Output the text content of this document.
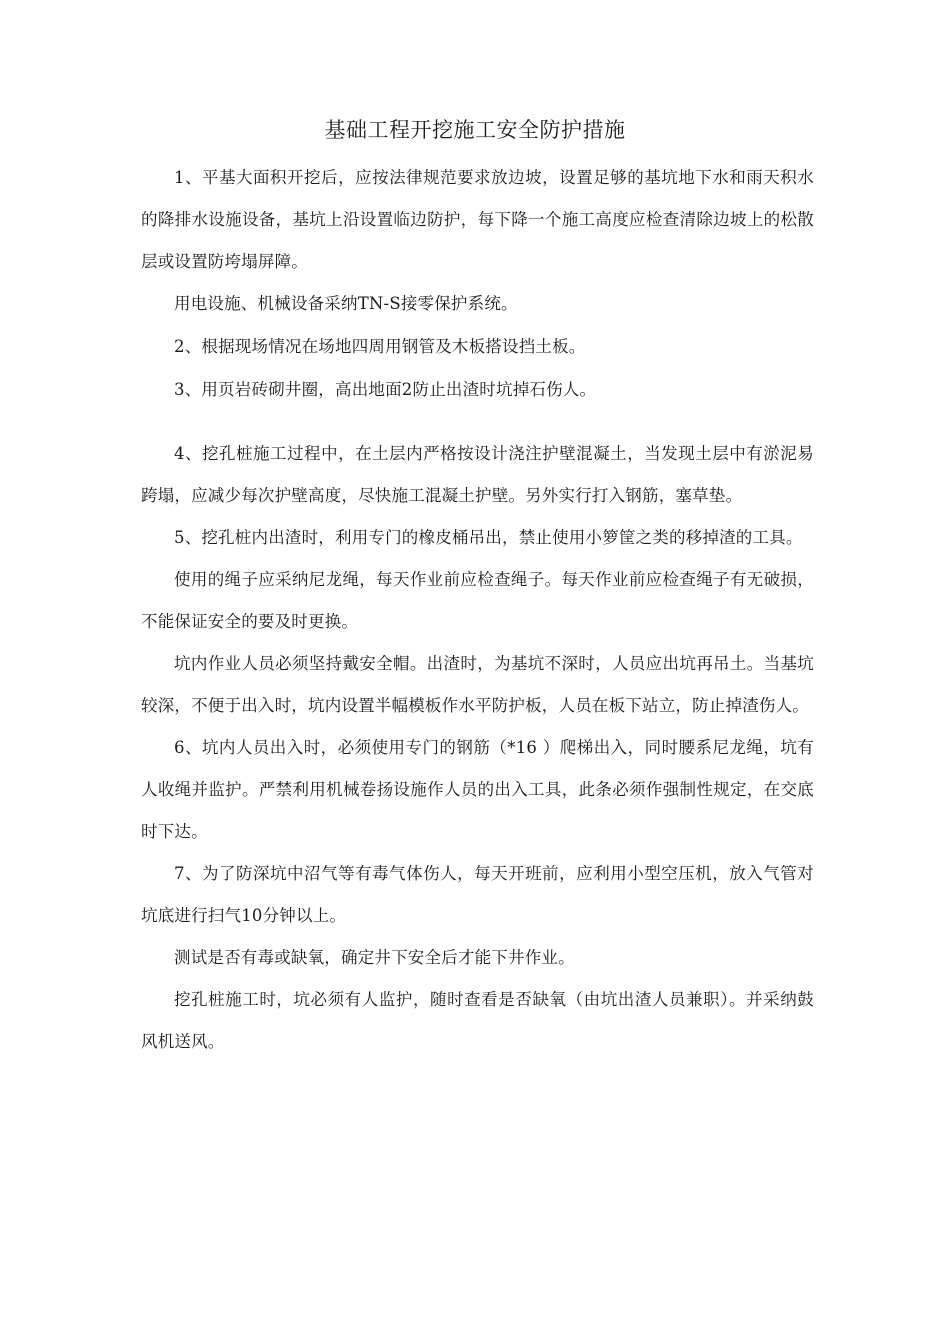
基础工程开挖施工安全防护措施

1、平基大面积开挖后，应按法律规范要求放边坡，设置足够的基坑地下水和雨天积水的降排水设施设备，基坑上沿设置临边防护，每下降一个施工高度应检查清除边坡上的松散层或设置防垮塌屏障。

用电设施、机械设备采纳TN-S接零保护系统。

2、根据现场情况在场地四周用钢管及木板搭设挡土板。

3、用页岩砖砌井圈，高出地面2防止出渣时坑掉石伤人。

4、挖孔桩施工过程中，在土层内严格按设计浇注护壁混凝土，当发现土层中有淤泥易跨塌，应减少每次护壁高度，尽快施工混凝土护壁。另外实行打入钢筋，塞草垫。

5、挖孔桩内出渣时，利用专门的橡皮桶吊出，禁止使用小箩筐之类的移掉渣的工具。

使用的绳子应采纳尼龙绳，每天作业前应检查绳子。每天作业前应检查绳子有无破损，不能保证安全的要及时更换。

坑内作业人员必须坚持戴安全帽。出渣时，为基坑不深时，人员应出坑再吊土。当基坑较深，不便于出入时，坑内设置半幅模板作水平防护板，人员在板下站立，防止掉渣伤人。

6、坑内人员出入时，必须使用专门的钢筋（*16 ）爬梯出入，同时腰系尼龙绳，坑有人收绳并监护。严禁利用机械卷扬设施作人员的出入工具，此条必须作强制性规定，在交底时下达。

7、为了防深坑中沼气等有毒气体伤人，每天开班前，应利用小型空压机，放入气管对坑底进行扫气10分钟以上。

测试是否有毒或缺氧，确定井下安全后才能下井作业。

挖孔桩施工时，坑必须有人监护，随时查看是否缺氧（由坑出渣人员兼职）。并采纳鼓风机送风。
